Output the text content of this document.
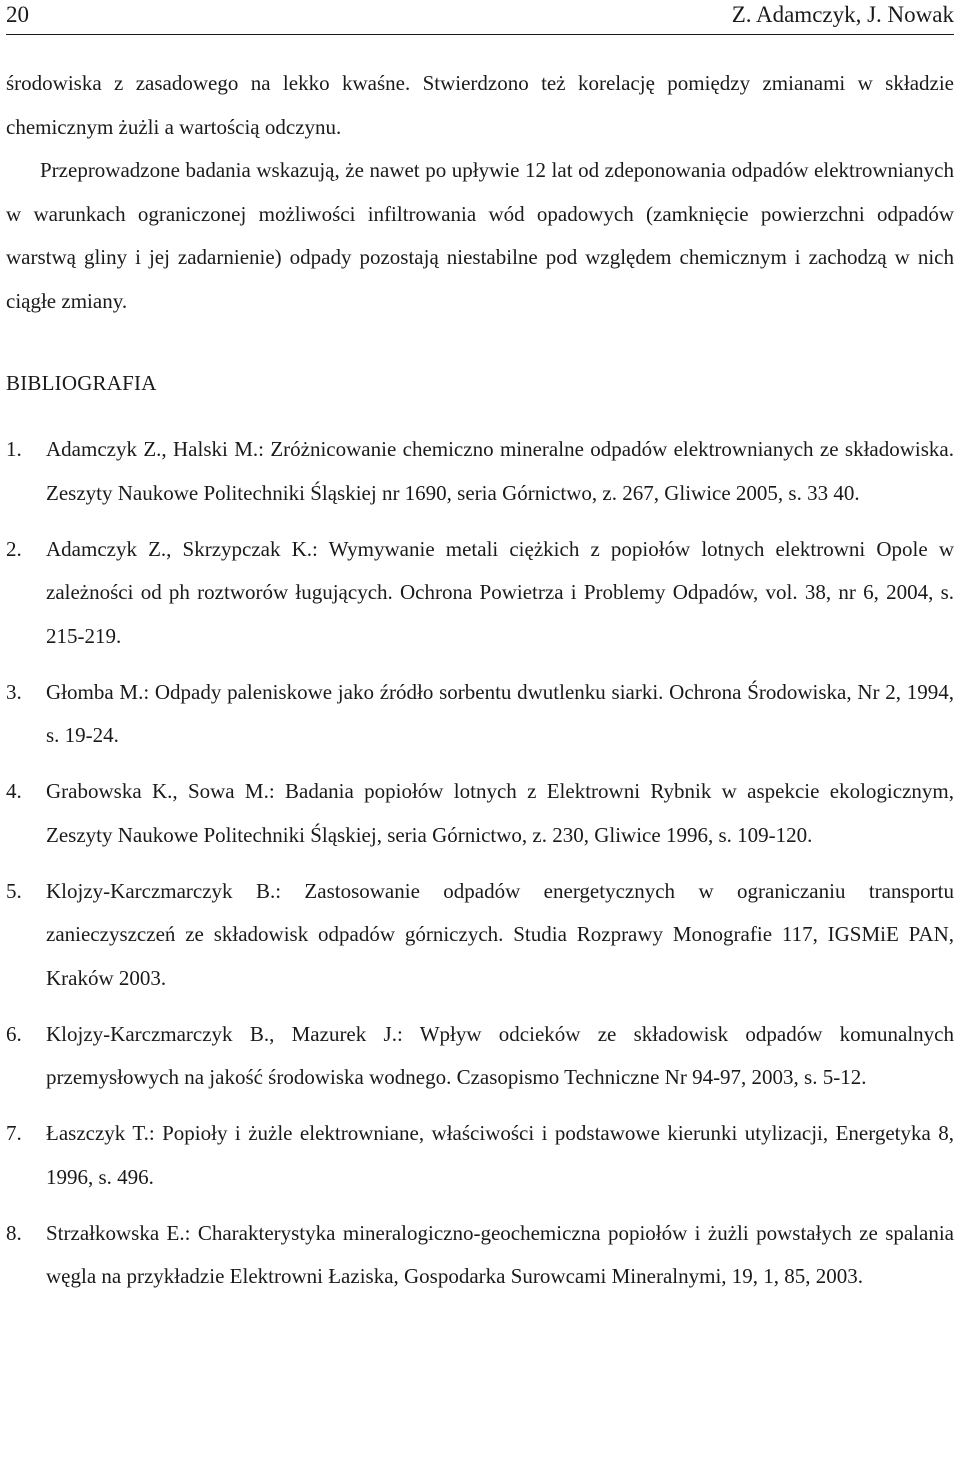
20	Z. Adamczyk, J. Nowak

środowiska z zasadowego na lekko kwaśne. Stwierdzono też korelację pomiędzy zmianami w składzie chemicznym żużli a wartością odczynu.

Przeprowadzone badania wskazują, że nawet po upływie 12 lat od zdeponowania odpadów elektrownianych w warunkach ograniczonej możliwości infiltrowania wód opadowych (zamknięcie powierzchni odpadów warstwą gliny i jej zadarnienie) odpady pozostają niestabilne pod względem chemicznym i zachodzą w nich ciągłe zmiany.

BIBLIOGRAFIA
1. Adamczyk Z., Halski M.: Zróżnicowanie chemiczno mineralne odpadów elektrownianych ze składowiska. Zeszyty Naukowe Politechniki Śląskiej nr 1690, seria Górnictwo, z. 267, Gliwice 2005, s. 33 40.
2. Adamczyk Z., Skrzypczak K.: Wymywanie metali ciężkich z popiołów lotnych elektrowni Opole w zależności od ph roztworów ługujących. Ochrona Powietrza i Problemy Odpadów, vol. 38, nr 6, 2004, s. 215-219.
3. Głomba M.: Odpady paleniskowe jako źródło sorbentu dwutlenku siarki. Ochrona Środowiska, Nr 2, 1994, s. 19-24.
4. Grabowska K., Sowa M.: Badania popiołów lotnych z Elektrowni Rybnik w aspekcie ekologicznym, Zeszyty Naukowe Politechniki Śląskiej, seria Górnictwo, z. 230, Gliwice 1996, s. 109-120.
5. Klojzy-Karczmarczyk B.: Zastosowanie odpadów energetycznych w ograniczaniu transportu zanieczyszczeń ze składowisk odpadów górniczych. Studia Rozprawy Monografie 117, IGSMiE PAN, Kraków 2003.
6. Klojzy-Karczmarczyk B., Mazurek J.: Wpływ odcieków ze składowisk odpadów komunalnych przemysłowych na jakość środowiska wodnego. Czasopismo Techniczne Nr 94-97, 2003, s. 5-12.
7. Łaszczyk T.: Popioły i żużle elektrowniane, właściwości i podstawowe kierunki utylizacji, Energetyka 8, 1996, s. 496.
8. Strzałkowska E.: Charakterystyka mineralogiczno-geochemiczna popiołów i żużli powstałych ze spalania węgla na przykładzie Elektrowni Łaziska, Gospodarka Surowcami Mineralnymi, 19, 1, 85, 2003.
